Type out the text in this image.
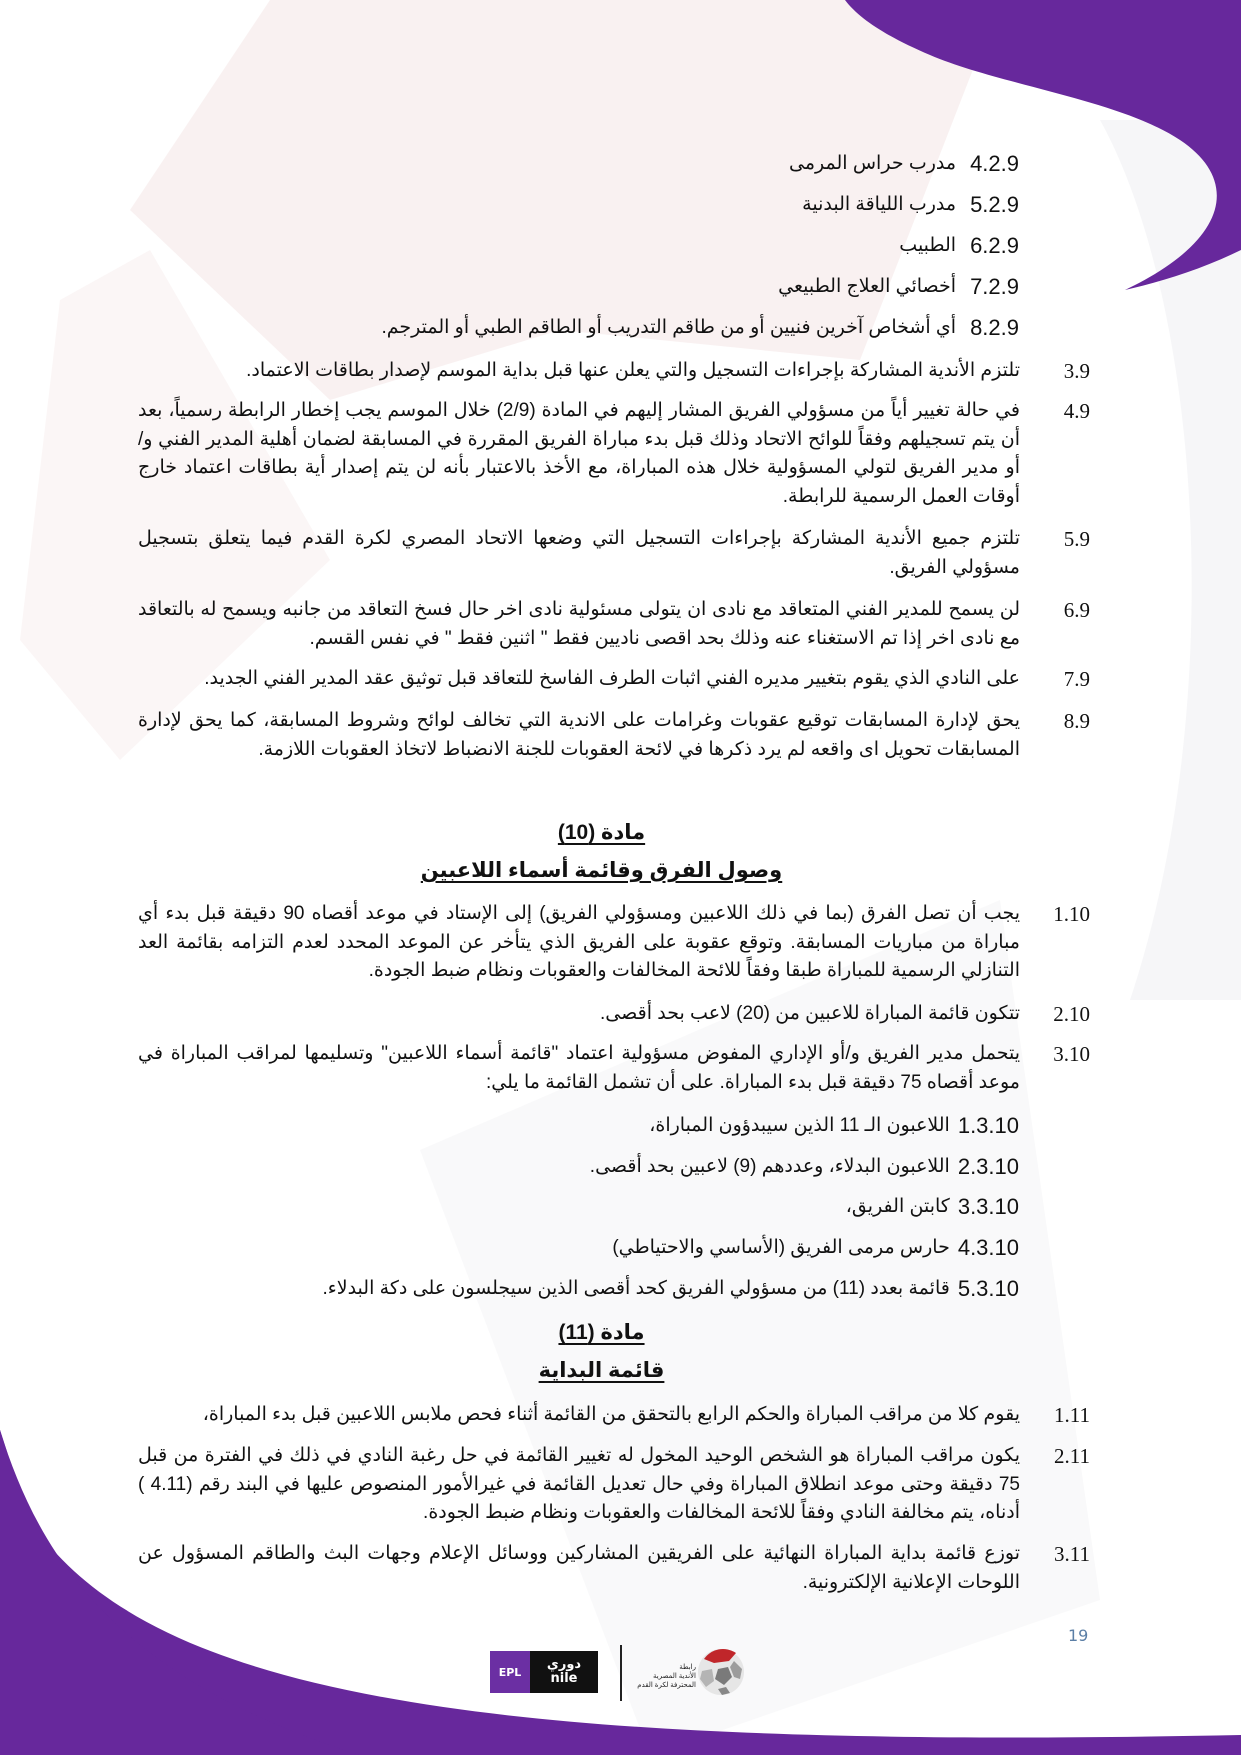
4.2.9
مدرب حراس المرمى
5.2.9
مدرب اللياقة البدنية
6.2.9
الطبيب
7.2.9
أخصائي العلاج الطبيعي
8.2.9
أي أشخاص آخرين فنيين أو من طاقم التدريب أو الطاقم الطبي أو المترجم.
3.9
تلتزم الأندية المشاركة بإجراءات التسجيل والتي يعلن عنها قبل بداية الموسم لإصدار بطاقات الاعتماد.
4.9
في حالة تغيير أياً من مسؤولي الفريق المشار إليهم في المادة (2/9) خلال الموسم يجب إخطار الرابطة رسمياً، بعد أن يتم تسجيلهم وفقاً للوائح الاتحاد وذلك قبل بدء مباراة الفريق المقررة في المسابقة لضمان أهلية المدير الفني و/أو مدير الفريق لتولي المسؤولية خلال هذه المباراة، مع الأخذ بالاعتبار بأنه لن يتم إصدار أية بطاقات اعتماد خارج أوقات العمل الرسمية للرابطة.
5.9
تلتزم جميع الأندية المشاركة بإجراءات التسجيل التي وضعها الاتحاد المصري لكرة القدم فيما يتعلق بتسجيل مسؤولي الفريق.
6.9
لن يسمح للمدير الفني المتعاقد مع نادى ان يتولى مسئولية نادى اخر حال فسخ التعاقد من جانبه ويسمح له بالتعاقد مع نادى اخر إذا تم الاستغناء عنه وذلك بحد اقصى ناديين فقط " اثنين فقط " في نفس القسم.
7.9
على النادي الذي يقوم بتغيير مديره الفني اثبات الطرف الفاسخ للتعاقد قبل توثيق عقد المدير الفني الجديد.
8.9
يحق لإدارة المسابقات توقيع عقوبات وغرامات على الاندية التي تخالف لوائح وشروط المسابقة، كما يحق لإدارة المسابقات تحويل اى واقعه لم يرد ذكرها في لائحة العقوبات للجنة الانضباط لاتخاذ العقوبات اللازمة.
مادة (10)
وصول الفرق وقائمة أسماء اللاعبين
1.10
يجب أن تصل الفرق (بما في ذلك اللاعبين ومسؤولي الفريق) إلى الإستاد في موعد أقصاه 90 دقيقة قبل بدء أي مباراة من مباريات المسابقة. وتوقع عقوبة على الفريق الذي يتأخر عن الموعد المحدد لعدم التزامه بقائمة العد التنازلي الرسمية للمباراة طبقا وفقاً للائحة المخالفات والعقوبات ونظام ضبط الجودة.
2.10
تتكون قائمة المباراة للاعبين من (20) لاعب بحد أقصى.
3.10
يتحمل مدير الفريق و/أو الإداري المفوض مسؤولية اعتماد "قائمة أسماء اللاعبين" وتسليمها لمراقب المباراة في موعد أقصاه 75 دقيقة قبل بدء المباراة. على أن تشمل القائمة ما يلي:
1.3.10
اللاعبون الـ 11 الذين سيبدؤون المباراة،
2.3.10
اللاعبون البدلاء، وعددهم (9) لاعبين بحد أقصى.
3.3.10
كابتن الفريق،
4.3.10
حارس مرمى الفريق (الأساسي والاحتياطي)
5.3.10
قائمة بعدد (11) من مسؤولي الفريق كحد أقصى الذين سيجلسون على دكة البدلاء.
مادة (11)
قائمة البداية
1.11
يقوم كلا من مراقب المباراة والحكم الرابع بالتحقق من القائمة أثناء فحص ملابس اللاعبين قبل بدء المباراة،
2.11
يكون مراقب المباراة هو الشخص الوحيد المخول له تغيير القائمة في حل رغبة النادي في ذلك في الفترة من قبل 75 دقيقة وحتى موعد انطلاق المباراة وفي حال تعديل القائمة في غيرالأمور المنصوص عليها في البند رقم (4.11 ) أدناه، يتم مخالفة النادي وفقاً للائحة المخالفات والعقوبات ونظام ضبط الجودة.
3.11
توزع قائمة بداية المباراة النهائية على الفريقين المشاركين ووسائل الإعلام وجهات البث والطاقم المسؤول عن اللوحات الإعلانية الإلكترونية.
19
EPL	دوري
nile
رابطة
الأندية المصرية
المحترفة لكرة القدم
